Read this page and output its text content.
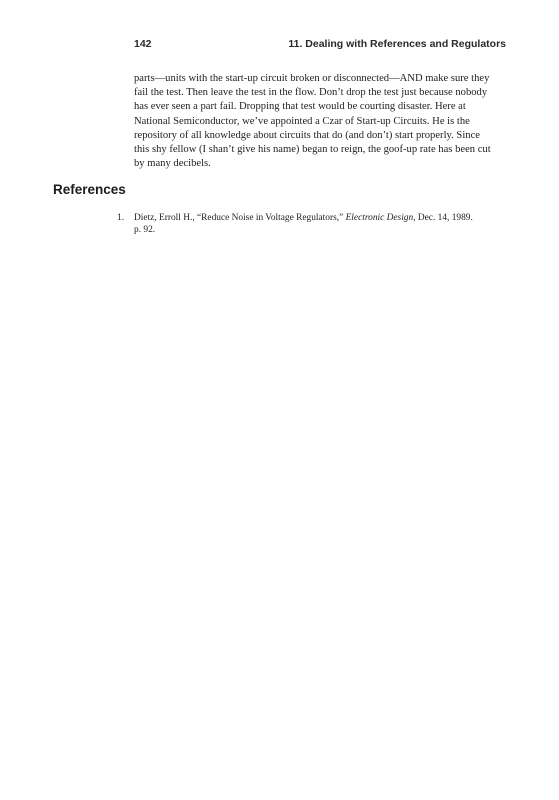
142	11. Dealing with References and Regulators
parts—units with the start-up circuit broken or disconnected—AND make sure they
fail the test. Then leave the test in the flow. Don’t drop the test just because nobody
has ever seen a part fail. Dropping that test would be courting disaster. Here at
National Semiconductor, we’ve appointed a Czar of Start-up Circuits. He is the
repository of all knowledge about circuits that do (and don’t) start properly. Since
this shy fellow (I shan’t give his name) began to reign, the goof-up rate has been cut
by many decibels.
References
1. Dietz, Erroll H., “Reduce Noise in Voltage Regulators,” Electronic Design, Dec. 14, 1989.
p. 92.
